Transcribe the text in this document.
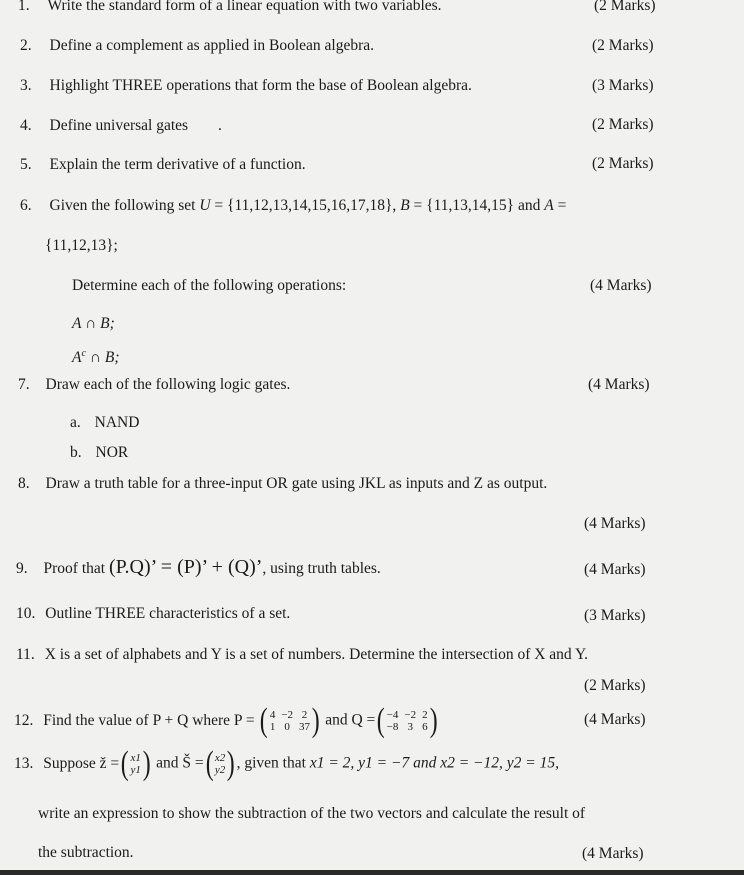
1. Write the standard form of a linear equation with two variables.	(2 Marks)
2. Define a complement as applied in Boolean algebra.	(2 Marks)
3. Highlight THREE operations that form the base of Boolean algebra.	(3 Marks)
4. Define universal gates .	(2 Marks)
5. Explain the term derivative of a function.	(2 Marks)
6. Given the following set U = {11,12,13,14,15,16,17,18}, B = {11,13,14,15} and A =
{11,12,13};
Determine each of the following operations:	(4 Marks)
A ∩ B;
$A^c$ ∩ B;
7. Draw each of the following logic gates.	(4 Marks)
a. NAND
b. NOR
8. Draw a truth table for a three-input OR gate using JKL as inputs and Z as output.
(4 Marks)
9. Proof that (P.Q)’ = (P)’ + (Q)’, using truth tables.	(4 Marks)
10. Outline THREE characteristics of a set.	(3 Marks)
11. X is a set of alphabets and Y is a set of numbers. Determine the intersection of X and Y.
(2 Marks)
12. Find the value of P + Q where P = ( 4 −2 2
1 0 37 ) and Q =( −4 −2 2
−8 3 6 )	(4 Marks)
13. Suppose ž =( x1
y1 ) and Š =( x2
y2 ) , given that x1 = 2, y1 = −7 and x2 = −12, y2 = 15,
write an expression to show the subtraction of the two vectors and calculate the result of
the subtraction.	(4 Marks)
